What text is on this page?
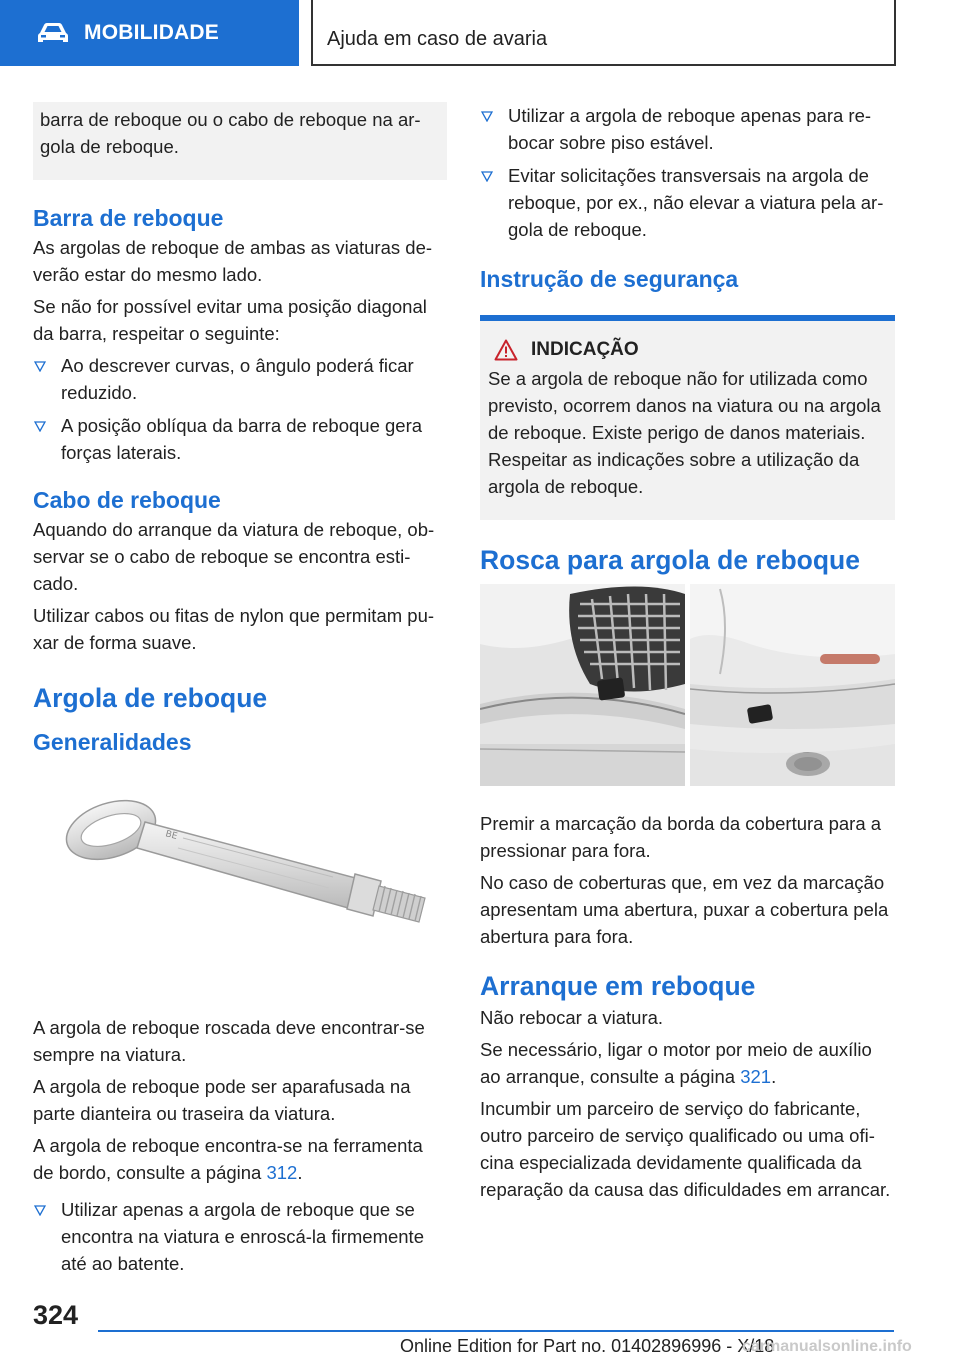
MOBILIDADE	Ajuda em caso de avaria
barra de reboque ou o cabo de reboque na ar-gola de reboque.
Barra de reboque

As argolas de reboque de ambas as viaturas de-verão estar do mesmo lado.

Se não for possível evitar uma posição diagonal da barra, respeitar o seguinte:

Ao descrever curvas, o ângulo poderá ficar reduzido.
A posição oblíqua da barra de reboque gera forças laterais.
Cabo de reboque

Aquando do arranque da viatura de reboque, ob-servar se o cabo de reboque se encontra esti-cado.

Utilizar cabos ou fitas de nylon que permitam pu-xar de forma suave.

Argola de reboque
Generalidades
BE

A argola de reboque roscada deve encontrar-se sempre na viatura.

A argola de reboque pode ser aparafusada na parte dianteira ou traseira da viatura.

A argola de reboque encontra-se na ferramenta de bordo, consulte a página 312.

Utilizar apenas a argola de reboque que se encontra na viatura e enroscá-la firmemente até ao batente.
Utilizar a argola de reboque apenas para re-bocar sobre piso estável.
Evitar solicitações transversais na argola de reboque, por ex., não elevar a viatura pela ar-gola de reboque.
Instrução de segurança
INDICAÇÃO

Se a argola de reboque não for utilizada como previsto, ocorrem danos na viatura ou na argola de reboque. Existe perigo de danos materiais. Respeitar as indicações sobre a utilização da argola de reboque.

Rosca para argola de reboque

Premir a marcação da borda da cobertura para a pressionar para fora.

No caso de coberturas que, em vez da marcação apresentam uma abertura, puxar a cobertura pela abertura para fora.

Arranque em reboque

Não rebocar a viatura.

Se necessário, ligar o motor por meio de auxílio ao arranque, consulte a página 321.

Incumbir um parceiro de serviço do fabricante, outro parceiro de serviço qualificado ou uma ofi-cina especializada devidamente qualificada da reparação da causa das dificuldades em arrancar.

324
Online Edition for Part no. 01402896996 - X/18
carmanualsonline.info
